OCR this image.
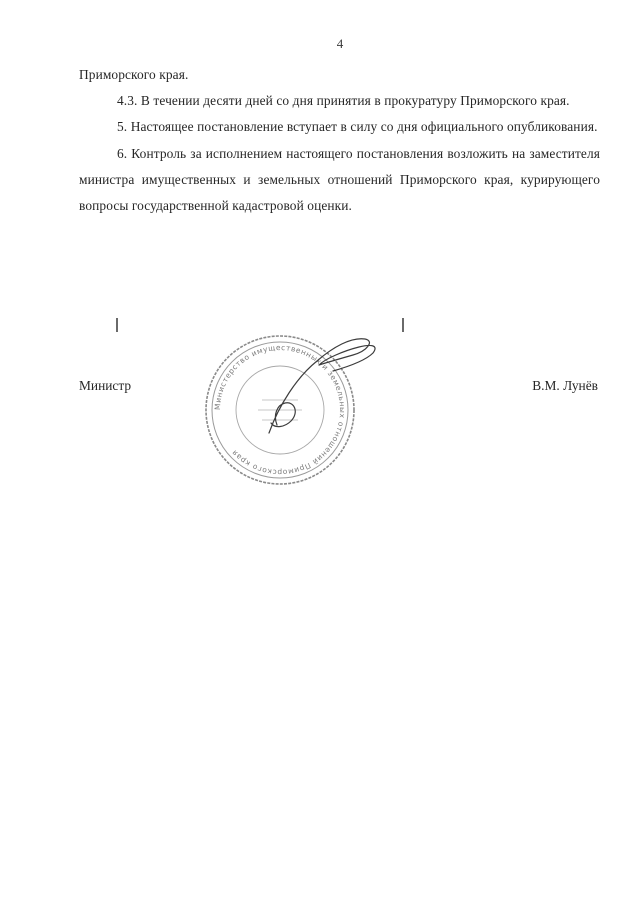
4

Приморского края.

4.3. В течении десяти дней со дня принятия в прокуратуру Приморского края.

5. Настоящее постановление вступает в силу со дня официального опубликования.

6. Контроль за исполнением настоящего постановления возложить на заместителя министра имущественных и земельных отношений Приморского края, курирующего вопросы государственной кадастровой оценки.

Министерство имущественных и земельных отношений Приморского края
Министр	В.М. Лунёв
